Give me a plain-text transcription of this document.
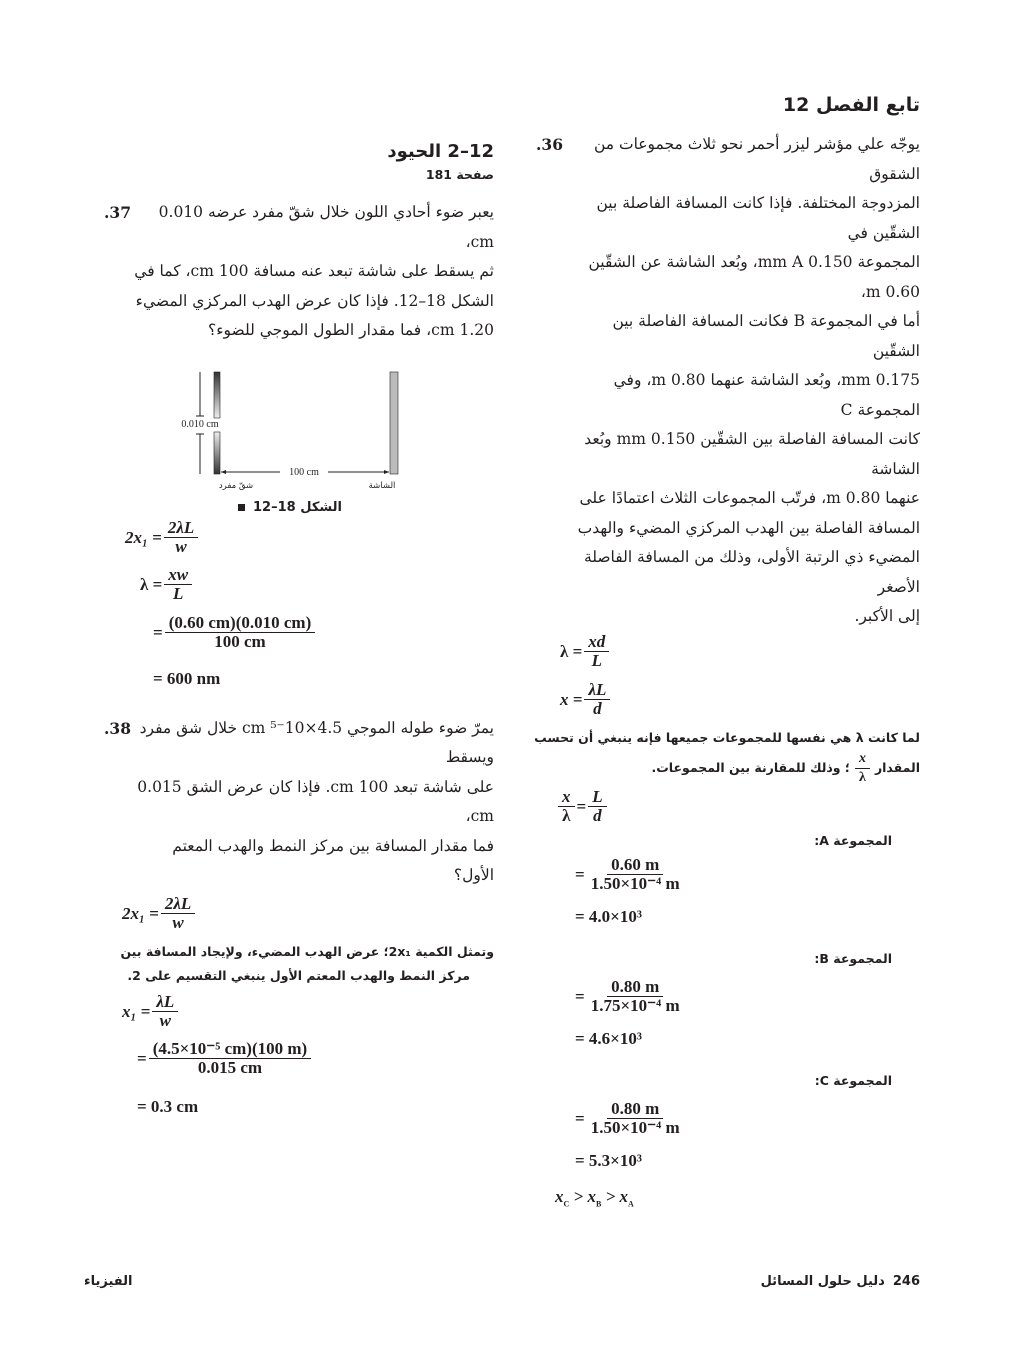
تابع الفصل 12
36.	يوجّه علي مؤشر ليزر أحمر نحو ثلاث مجموعات من الشقوق
المزدوجة المختلفة. فإذا كانت المسافة الفاصلة بين الشقّين في
المجموعة 0.150 mm A، وبُعد الشاشة عن الشقّين 0.60 m،
أما في المجموعة B فكانت المسافة الفاصلة بين الشقّين
0.175 mm، وبُعد الشاشة عنهما 0.80 m، وفي المجموعة C
كانت المسافة الفاصلة بين الشقّين 0.150 mm وبُعد الشاشة
عنهما 0.80 m، فرتّب المجموعات الثلاث اعتمادًا على
المسافة الفاصلة بين الهدب المركزي المضيء والهدب
المضيء ذي الرتبة الأولى، وذلك من المسافة الفاصلة الأصغر
إلى الأكبر.
$\lambda = \frac{xd}{L}$
$x = \frac{\lambda L}{d}$
لما كانت λ هي نفسها للمجموعات جميعها فإنه ينبغي أن تحسب
المقدار
$\frac{x}{\lambda}$
؛ وذلك للمقارنة بين المجموعات.
$\frac{x}{\lambda} = \frac{L}{d}$
المجموعة A:
= $\frac{0.60 m}{\text{1.50×10⁻⁴ m}}$
= 4.0×10³
المجموعة B:
= $\frac{0.80 m}{\text{1.75×10⁻⁴ m}}$
= 4.6×10³
المجموعة C:
= $\frac{0.80 m}{\text{1.50×10⁻⁴ m}}$
= 5.3×10³
$x_C > x_B > x_A$
12–2 الحيود
صفحة 181
37.	يعبر ضوء أحادي اللون خلال شقّ مفرد عرضه 0.010 cm،
ثم يسقط على شاشة تبعد عنه مسافة 100 cm، كما في
الشكل 18–12. فإذا كان عرض الهدب المركزي المضيء
1.20 cm، فما مقدار الطول الموجي للضوء؟
0.010 cm
100 cm
شقّ مفرد	الشاشة
الشكل 18–12
$2x_1 = \frac{2\lambda L}{w}$
$\lambda = \frac{xw}{L}$
= $\frac{(0.60 cm)(0.010 cm)}{100 cm}$
= 600 nm
38. يمرّ ضوء طوله الموجي 4.5×10⁻⁵ cm خلال شق مفرد ويسقط
على شاشة تبعد 100 cm. فإذا كان عرض الشق 0.015 cm،
فما مقدار المسافة بين مركز النمط والهدب المعتم الأول؟
$2x_1 = \frac{2\lambda L}{w}$
وتمثل الكمية 2x₁؛ عرض الهدب المضيء، ولإيجاد المسافة بين
مركز النمط والهدب المعتم الأول ينبغي التقسيم على 2.
$x_1 = \frac{\lambda L}{w}$
= $\frac{\text{(4.5×10⁻⁵ cm)(100 m)}}{0.015 cm}$
= 0.3 cm
246
دليل حلول المسائل
الفيزياء
